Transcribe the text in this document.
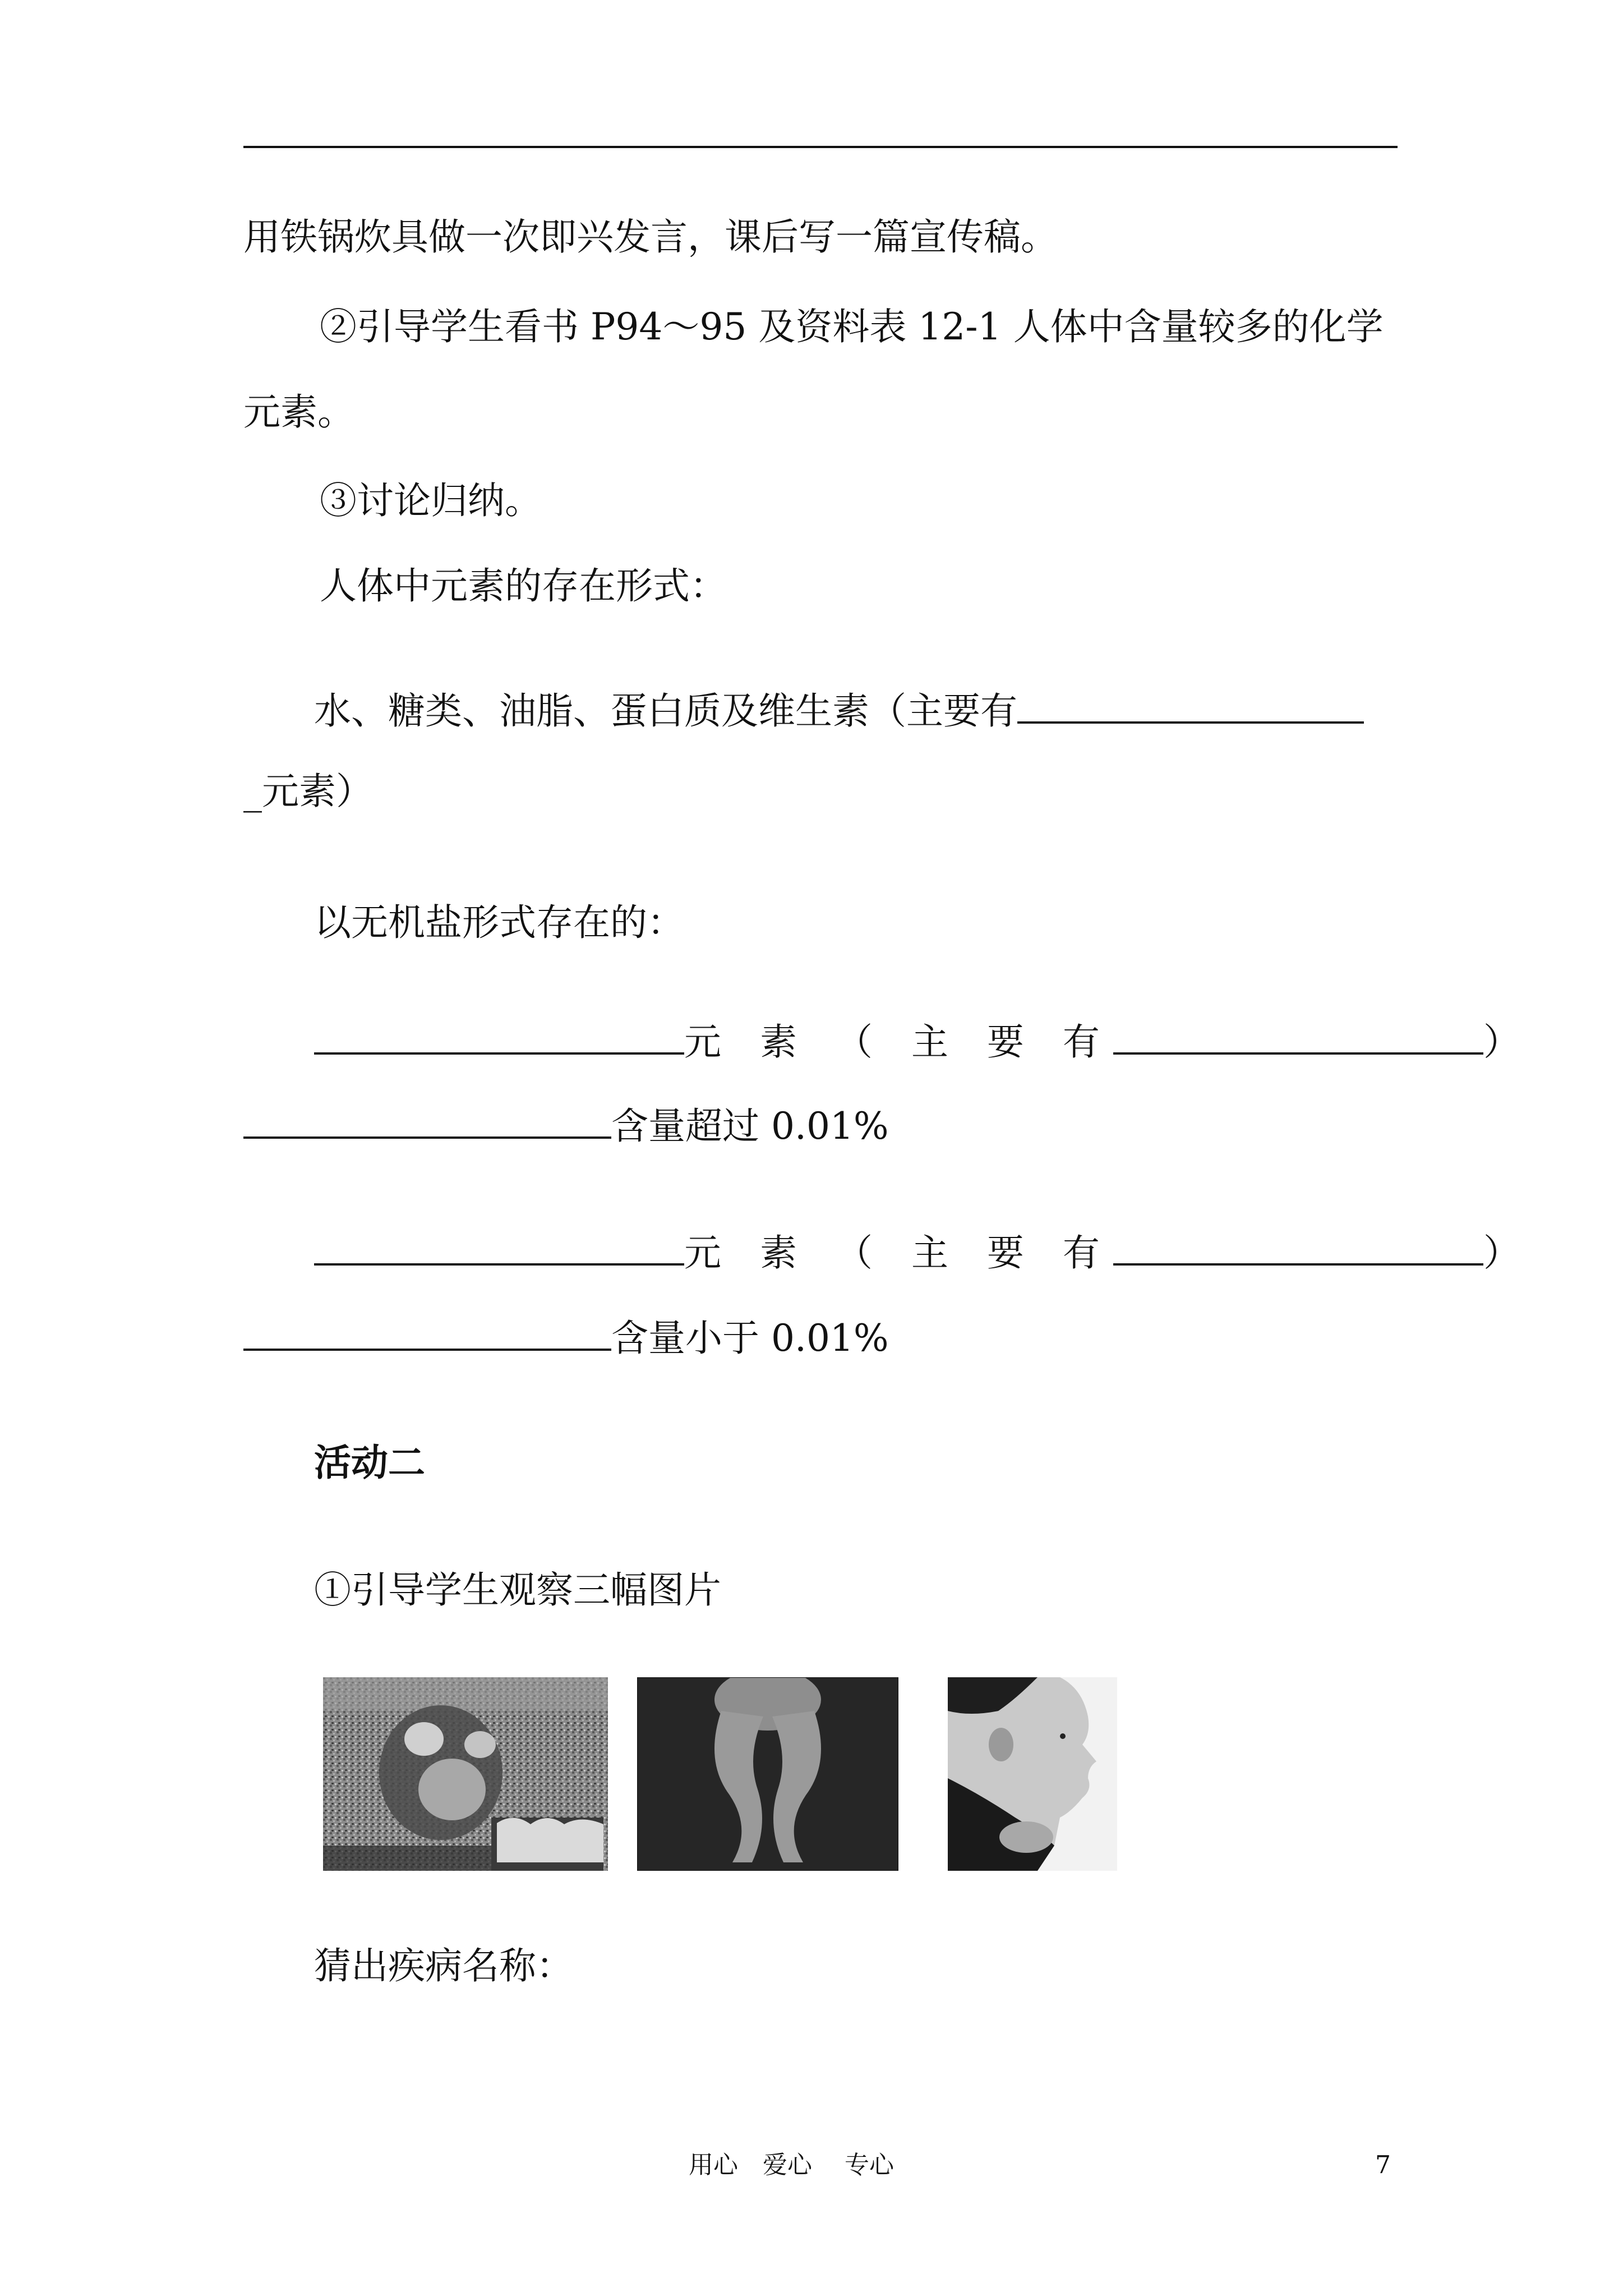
用铁锅炊具做一次即兴发言，课后写一篇宣传稿。
②引导学生看书 P94～95 及资料表 12-1 人体中含量较多的化学
元素。
③讨论归纳。
人体中元素的存在形式：
水、糖类、油脂、蛋白质及维生素（主要有
_元素）
以无机盐形式存在的：
元 素 （ 主 要 有	）
含量超过 0.01%
元 素 （ 主 要 有	）
含量小于 0.01%
活动二
①引导学生观察三幅图片
猜出疾病名称：
用心　爱心　 专心	7
